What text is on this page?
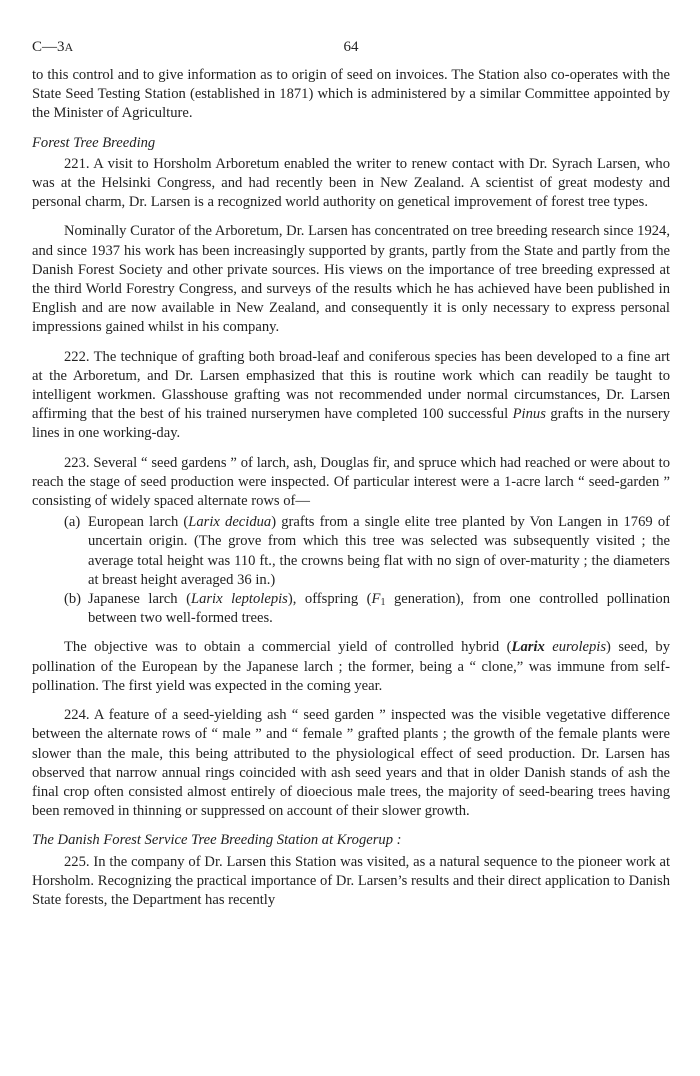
C—3A	64

to this control and to give information as to origin of seed on invoices. The Station also co-operates with the State Seed Testing Station (established in 1871) which is administered by a similar Committee appointed by the Minister of Agriculture.

Forest Tree Breeding

221. A visit to Horsholm Arboretum enabled the writer to renew contact with Dr. Syrach Larsen, who was at the Helsinki Congress, and had recently been in New Zealand. A scientist of great modesty and personal charm, Dr. Larsen is a recognized world authority on genetical improvement of forest tree types.

Nominally Curator of the Arboretum, Dr. Larsen has concentrated on tree breeding research since 1924, and since 1937 his work has been increasingly supported by grants, partly from the State and partly from the Danish Forest Society and other private sources. His views on the importance of tree breeding expressed at the third World Forestry Congress, and surveys of the results which he has achieved have been published in English and are now available in New Zealand, and consequently it is only necessary to express personal impressions gained whilst in his company.

222. The technique of grafting both broad-leaf and coniferous species has been developed to a fine art at the Arboretum, and Dr. Larsen emphasized that this is routine work which can readily be taught to intelligent workmen. Glasshouse grafting was not recommended under normal circumstances, Dr. Larsen affirming that the best of his trained nurserymen have completed 100 successful Pinus grafts in the nursery lines in one working-day.

223. Several “ seed gardens ” of larch, ash, Douglas fir, and spruce which had reached or were about to reach the stage of seed production were inspected. Of particular interest were a 1-acre larch “ seed-garden ” consisting of widely spaced alternate rows of—

(a) European larch (Larix decidua) grafts from a single elite tree planted by Von Langen in 1769 of uncertain origin. (The grove from which this tree was selected was subsequently visited ; the average total height was 110 ft., the crowns being flat with no sign of over-maturity ; the diameters at breast height averaged 36 in.)
(b) Japanese larch (Larix leptolepis), offspring ($F_1$ generation), from one controlled pollination between two well-formed trees.

The objective was to obtain a commercial yield of controlled hybrid (Larix eurolepis) seed, by pollination of the European by the Japanese larch ; the former, being a “ clone,” was immune from self-pollination. The first yield was expected in the coming year.

224. A feature of a seed-yielding ash “ seed garden ” inspected was the visible vegetative difference between the alternate rows of “ male ” and “ female ” grafted plants ; the growth of the female plants were slower than the male, this being attributed to the physiological effect of seed production. Dr. Larsen has observed that narrow annual rings coincided with ash seed years and that in older Danish stands of ash the final crop often consisted almost entirely of dioecious male trees, the majority of seed-bearing trees having been removed in thinning or suppressed on account of their slower growth.

The Danish Forest Service Tree Breeding Station at Krogerup :

225. In the company of Dr. Larsen this Station was visited, as a natural sequence to the pioneer work at Horsholm. Recognizing the practical importance of Dr. Larsen’s results and their direct application to Danish State forests, the Department has recently
